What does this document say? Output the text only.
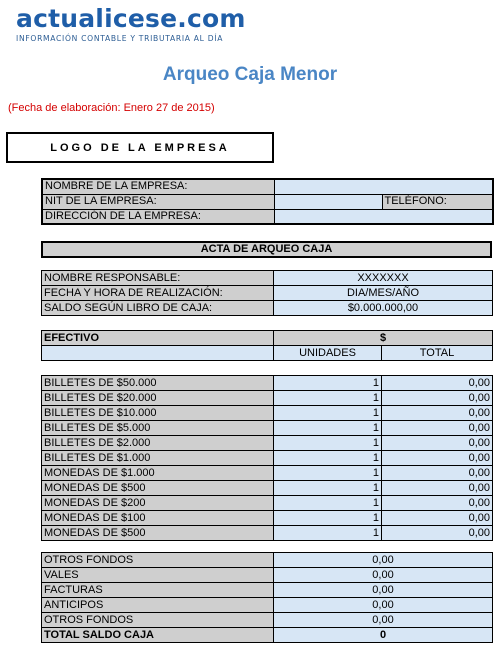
actualicese.com
INFORMACIÓN CONTABLE Y TRIBUTARIA AL DÍA
Arqueo Caja Menor
(Fecha de elaboración: Enero 27 de 2015)
LOGO DE LA EMPRESA
NOMBRE DE LA EMPRESA:		
NIT DE LA EMPRESA:		TELÉFONO:
DIRECCIÓN DE LA EMPRESA:		
ACTA DE ARQUEO CAJA
NOMBRE RESPONSABLE:	XXXXXXX
FECHA Y HORA DE REALIZACIÓN:	DIA/MES/AÑO
SALDO SEGÚN LIBRO DE CAJA:	$0.000.000,00
EFECTIVO	$	
	UNIDADES	TOTAL
BILLETES DE $50.000	1	0,00
BILLETES DE $20.000	1	0,00
BILLETES DE $10.000	1	0,00
BILLETES DE $5.000	1	0,00
BILLETES DE $2.000	1	0,00
BILLETES DE $1.000	1	0,00
MONEDAS DE $1.000	1	0,00
MONEDAS DE $500	1	0,00
MONEDAS DE $200	1	0,00
MONEDAS DE $100	1	0,00
MONEDAS DE $500	1	0,00
OTROS FONDOS	0,00
VALES	0,00
FACTURAS	0,00
ANTICIPOS	0,00
OTROS FONDOS	0,00
TOTAL SALDO CAJA	0
